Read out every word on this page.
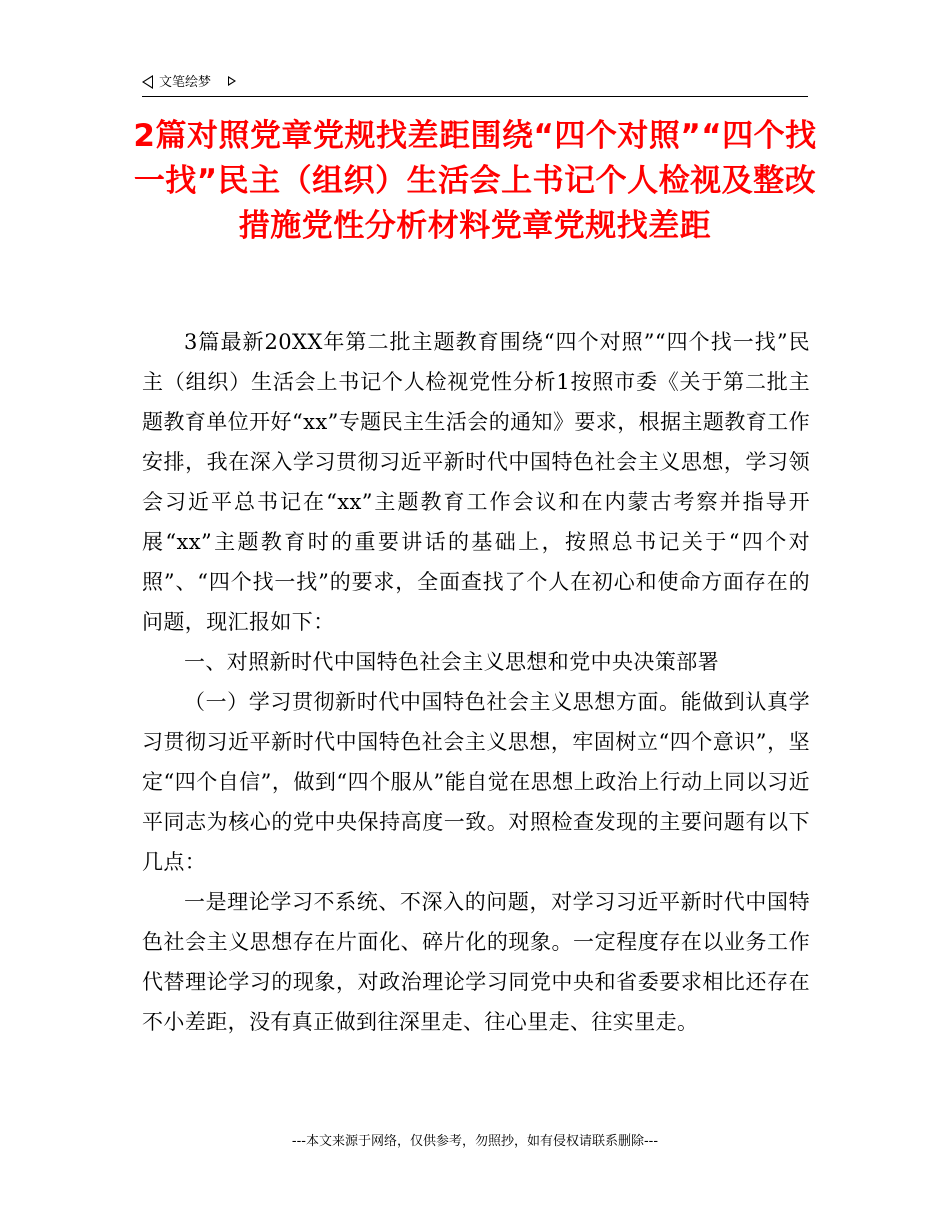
文笔绘梦
2篇对照党章党规找差距围绕“四个对照”“四个找一找”民主（组织）生活会上书记个人检视及整改措施党性分析材料党章党规找差距

3篇最新20XX年第二批主题教育围绕“四个对照”“四个找一找”民主（组织）生活会上书记个人检视党性分析1按照市委《关于第二批主题教育单位开好“xx”专题民主生活会的通知》要求，根据主题教育工作安排，我在深入学习贯彻习近平新时代中国特色社会主义思想，学习领会习近平总书记在“xx”主题教育工作会议和在内蒙古考察并指导开展“xx”主题教育时的重要讲话的基础上，按照总书记关于“四个对照”、“四个找一找”的要求，全面查找了个人在初心和使命方面存在的问题，现汇报如下：

一、对照新时代中国特色社会主义思想和党中央决策部署

（一）学习贯彻新时代中国特色社会主义思想方面。能做到认真学习贯彻习近平新时代中国特色社会主义思想，牢固树立“四个意识”，坚定“四个自信”，做到“四个服从”能自觉在思想上政治上行动上同以习近平同志为核心的党中央保持高度一致。对照检查发现的主要问题有以下几点：

一是理论学习不系统、不深入的问题，对学习习近平新时代中国特色社会主义思想存在片面化、碎片化的现象。一定程度存在以业务工作代替理论学习的现象，对政治理论学习同党中央和省委要求相比还存在不小差距，没有真正做到往深里走、往心里走、往实里走。

---本文来源于网络，仅供参考，勿照抄，如有侵权请联系删除---
